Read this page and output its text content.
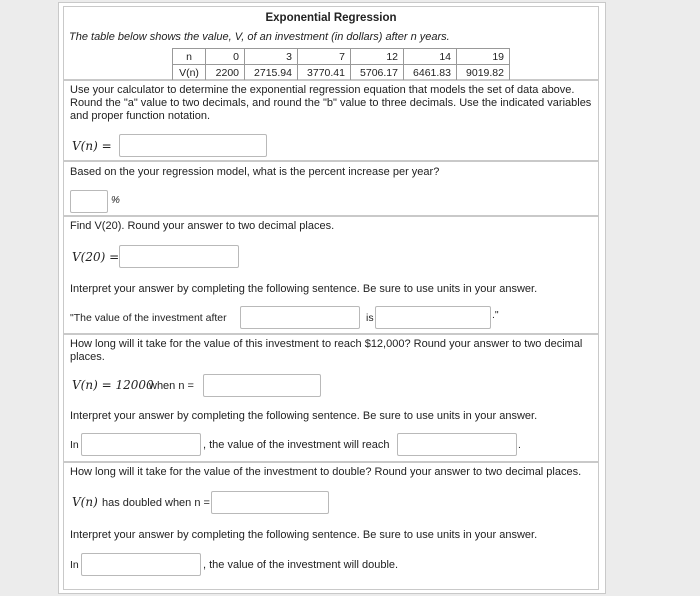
Exponential Regression
The table below shows the value, V, of an investment (in dollars) after n years.
n	0	3	7	12	14	19
V(n)	2200	2715.94	3770.41	5706.17	6461.83	9019.82
Use your calculator to determine the exponential regression equation that models the set of data above. Round the "a" value to two decimals, and round the "b" value to three decimals. Use the indicated variables and proper function notation.
V(n) =
Based on the your regression model, what is the percent increase per year?
%
Find V(20). Round your answer to two decimal places.
V(20) =
Interpret your answer by completing the following sentence. Be sure to use units in your answer.
"The value of the investment after	is	."
How long will it take for the value of this investment to reach $12,000? Round your answer to two decimal places.
V(n) = 12000
when n =
Interpret your answer by completing the following sentence. Be sure to use units in your answer.
In	, the value of the investment will reach	.
How long will it take for the value of the investment to double? Round your answer to two decimal places.
V(n) has doubled when n =
Interpret your answer by completing the following sentence. Be sure to use units in your answer.
In	, the value of the investment will double.
